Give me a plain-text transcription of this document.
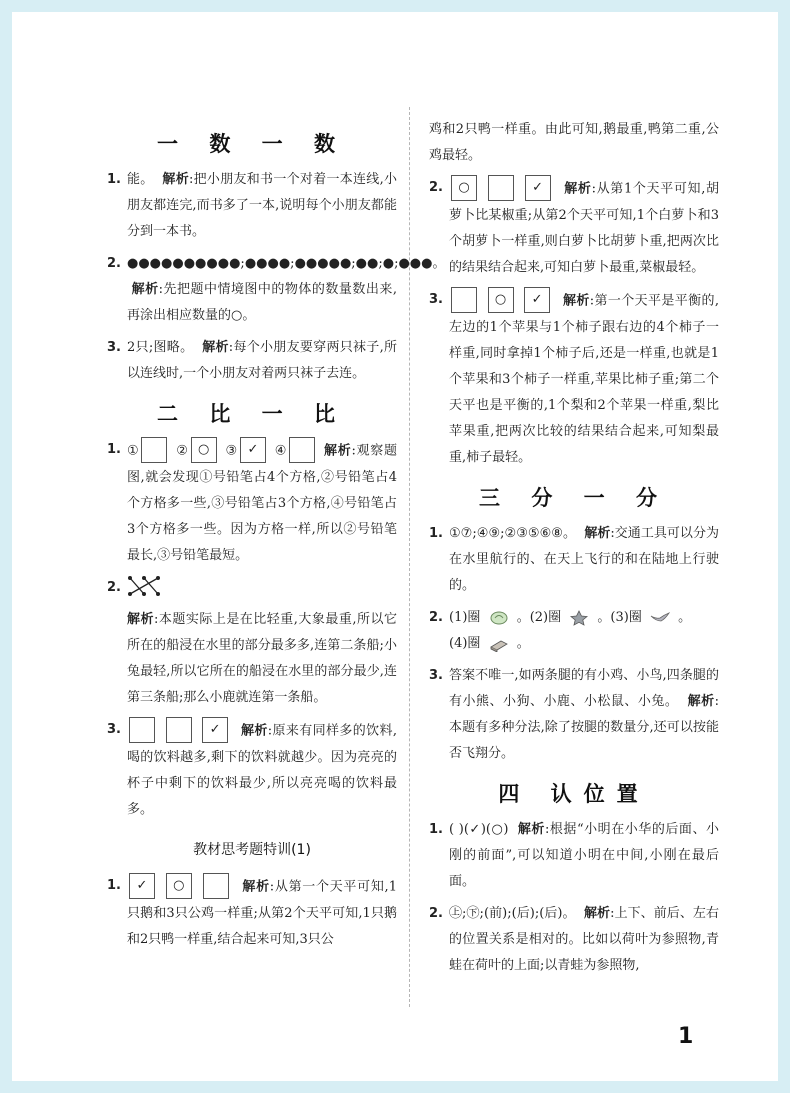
一 数 一 数
1. 能。 解析:把小朋友和书一个对着一本连线,小朋友都连完,而书多了一本,说明每个小朋友都能分到一本书。
2. ●●●●●●●●●●;●●●●;●●●●●;●●;●;●●●。  解析:先把题中情境图中的物体的数量数出来,再涂出相应数量的○。
3. 2只;图略。 解析:每个小朋友要穿两只袜子,所以连线时,一个小朋友对着两只袜子去连。
二 比 一 比
1. ①	② ○ ③ ✓ ④	解析:观察题图,就会发现①号铅笔占4个方格,②号铅笔占4个方格多一些,③号铅笔占3个方格,④号铅笔占3个方格多一些。因为方格一样,所以②号铅笔最长,③号铅笔最短。
2.
解析:本题实际上是在比轻重,大象最重,所以它所在的船浸在水里的部分最多多,连第二条船;小兔最轻,所以它所在的船浸在水里的部分最少,连第三条船;那么小鹿就连第一条船。
3.	✓ 解析:原来有同样多的饮料,喝的饮料越多,剩下的饮料就越少。因为亮亮的杯子中剩下的饮料最少,所以亮亮喝的饮料最多。
教材思考题特训(1)
1. ✓ ○	解析:从第一个天平可知,1只鹅和3只公鸡一样重;从第2个天平可知,1只鹅和2只鸭一样重,结合起来可知,3只公
鸡和2只鸭一样重。由此可知,鹅最重,鸭第二重,公鸡最轻。
2. ○	✓ 解析:从第1个天平可知,胡萝卜比某椒重;从第2个天平可知,1个白萝卜和3个胡萝卜一样重,则白萝卜比胡萝卜重,把两次比的结果结合起来,可知白萝卜最重,菜椒最轻。
3.	○ ✓ 解析:第一个天平是平衡的,左边的1个苹果与1个柿子跟右边的4个柿子一样重,同时拿掉1个柿子后,还是一样重,也就是1个苹果和3个柿子一样重,苹果比柿子重;第二个天平也是平衡的,1个梨和2个苹果一样重,梨比苹果重,把两次比较的结果结合起来,可知梨最重,柿子最轻。
三 分 一 分
1. ①⑦;④⑨;②③⑤⑥⑧。 解析:交通工具可以分为在水里航行的、在天上飞行的和在陆地上行驶的。
2. (1)圈	。(2)圈	。(3)圈	。
(4)圈	。
3. 答案不唯一,如两条腿的有小鸡、小鸟,四条腿的有小熊、小狗、小鹿、小松鼠、小兔。 解析:本题有多种分法,除了按腿的数量分,还可以按能否飞翔分。
四 认位置
1. ( )(✓)(○) 解析:根据“小明在小华的后面、小刚的前面”,可以知道小明在中间,小刚在最后面。
2. ㊤;㊦;(前);(后);(后)。 解析:上下、前后、左右的位置关系是相对的。比如以荷叶为参照物,青蛙在荷叶的上面;以青蛙为参照物,
1
